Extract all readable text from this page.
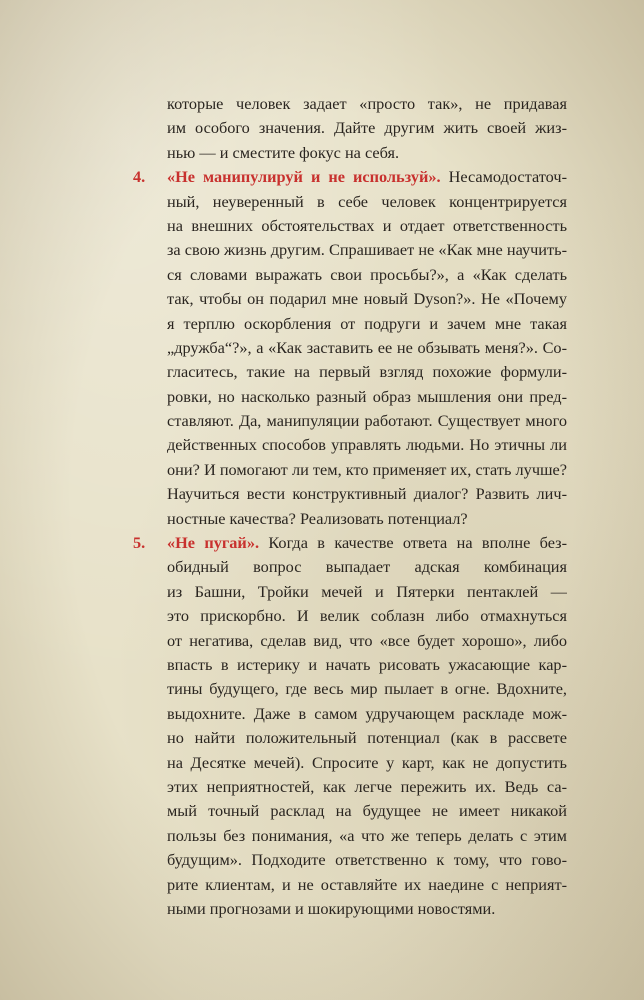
которые человек задает «просто так», не придавая
им особого значения. Дайте другим жить своей жиз-
нью — и сместите фокус на себя.
4.	«Не манипулируй и не используй». Несамодостаточ-
ный, неуверенный в себе человек концентрируется
на внешних обстоятельствах и отдает ответственность
за свою жизнь другим. Спрашивает не «Как мне научить-
ся словами выражать свои просьбы?», а «Как сделать
так, чтобы он подарил мне новый Dyson?». Не «Почему
я терплю оскорбления от подруги и зачем мне такая
„дружба“?», а «Как заставить ее не обзывать меня?». Со-
гласитесь, такие на первый взгляд похожие формули-
ровки, но насколько разный образ мышления они пред-
ставляют. Да, манипуляции работают. Существует много
действенных способов управлять людьми. Но этичны ли
они? И помогают ли тем, кто применяет их, стать лучше?
Научиться вести конструктивный диалог? Развить лич-
ностные качества? Реализовать потенциал?
5.	«Не пугай». Когда в качестве ответа на вполне без-
обидный вопрос выпадает адская комбинация
из Башни, Тройки мечей и Пятерки пентаклей —
это прискорбно. И велик соблазн либо отмахнуться
от негатива, сделав вид, что «все будет хорошо», либо
впасть в истерику и начать рисовать ужасающие кар-
тины будущего, где весь мир пылает в огне. Вдохните,
выдохните. Даже в самом удручающем раскладе мож-
но найти положительный потенциал (как в рассвете
на Десятке мечей). Спросите у карт, как не допустить
этих неприятностей, как легче пережить их. Ведь са-
мый точный расклад на будущее не имеет никакой
пользы без понимания, «а что же теперь делать с этим
будущим». Подходите ответственно к тому, что гово-
рите клиентам, и не оставляйте их наедине с неприят-
ными прогнозами и шокирующими новостями.
